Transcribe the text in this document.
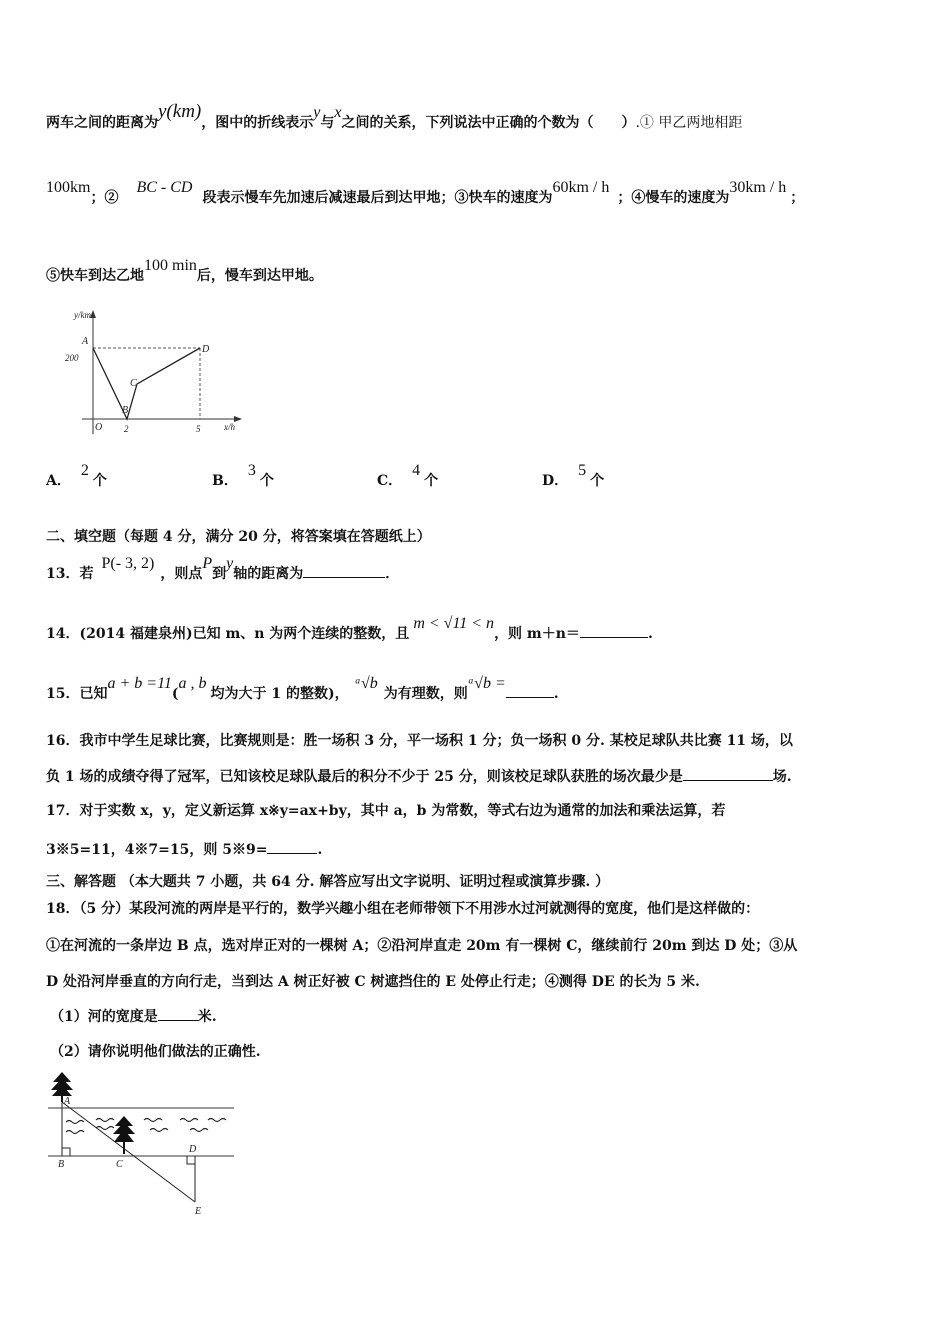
两车之间的距离为y(km)，图中的折线表示y与x之间的关系，下列说法中正确的个数为（　　）.① 甲乙两地相距
100km；②BC - CD段表示慢车先加速后减速最后到达甲地；③快车的速度为60km / h；④慢车的速度为30km / h；
⑤快车到达乙地100 min后，慢车到达甲地。
y/km
x/h
A
200
B
C
D
O 2	5
A．2个	B．3个	C．4个	D．5个
二、填空题（每题 4 分，满分 20 分，将答案填在答题纸上）
13．若P(- 3, 2)，则点P到y轴的距离为	．
14．(2014 福建泉州)已知 m、n 为两个连续的整数，且m < √11 < n，则 m＋n＝	.
15．已知a + b =11(a , b均为大于 1 的整数)，ᵃ√b为有理数，则ᵃ√b =.
16．我市中学生足球比赛，比赛规则是：胜一场积 3 分，平一场积 1 分；负一场积 0 分. 某校足球队共比赛 11 场，以
负 1 场的成绩夺得了冠军，已知该校足球队最后的积分不少于 25 分，则该校足球队获胜的场次最少是	场.
17．对于实数 x，y，定义新运算 x※y=ax+by，其中 a，b 为常数，等式右边为通常的加法和乘法运算，若
3※5=11，4※7=15，则 5※9=	.
三、解答题 （本大题共 7 小题，共 64 分. 解答应写出文字说明、证明过程或演算步骤. ）
18．（5 分）某段河流的两岸是平行的，数学兴趣小组在老师带领下不用涉水过河就测得的宽度，他们是这样做的：
①在河流的一条岸边 B 点，选对岸正对的一棵树 A；②沿河岸直走 20m 有一棵树 C，继续前行 20m 到达 D 处；③从
D 处沿河岸垂直的方向行走，当到达 A 树正好被 C 树遮挡住的 E 处停止行走；④测得 DE 的长为 5 米.
（1）河的宽度是	米.
（2）请你说明他们做法的正确性.
A
B	C
D
E
